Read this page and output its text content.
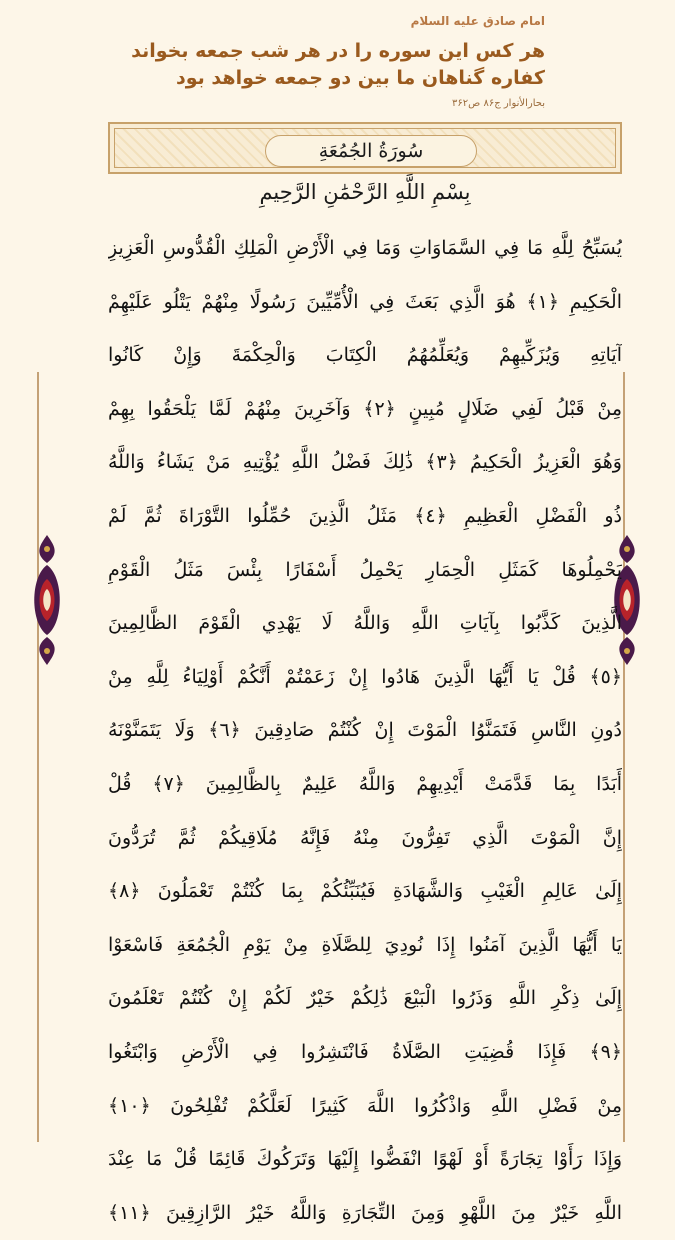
امام صادق علیه السلام

هر کس این سوره را در هر شب جمعه بخواند
کفاره گناهان ما بین دو جمعه خواهد بود

بحارالأنوار ج۸۶ ص۳۶۲

سُورَةُ الجُمُعَةِ

بِسْمِ اللَّهِ الرَّحْمَٰنِ الرَّحِيمِ

يُسَبِّحُ لِلَّهِ مَا فِي السَّمَاوَاتِ وَمَا فِي الْأَرْضِ الْمَلِكِ الْقُدُّوسِ الْعَزِيزِ
الْحَكِيمِ ﴿١﴾ هُوَ الَّذِي بَعَثَ فِي الْأُمِّيِّينَ رَسُولًا مِنْهُمْ يَتْلُو عَلَيْهِمْ
آيَاتِهِ وَيُزَكِّيهِمْ وَيُعَلِّمُهُمُ الْكِتَابَ وَالْحِكْمَةَ وَإِنْ كَانُوا
مِنْ قَبْلُ لَفِي ضَلَالٍ مُبِينٍ ﴿٢﴾ وَآخَرِينَ مِنْهُمْ لَمَّا يَلْحَقُوا بِهِمْ
وَهُوَ الْعَزِيزُ الْحَكِيمُ ﴿٣﴾ ذَٰلِكَ فَضْلُ اللَّهِ يُؤْتِيهِ مَنْ يَشَاءُ وَاللَّهُ
ذُو الْفَضْلِ الْعَظِيمِ ﴿٤﴾ مَثَلُ الَّذِينَ حُمِّلُوا التَّوْرَاةَ ثُمَّ لَمْ
يَحْمِلُوهَا كَمَثَلِ الْحِمَارِ يَحْمِلُ أَسْفَارًا بِئْسَ مَثَلُ الْقَوْمِ
الَّذِينَ كَذَّبُوا بِآيَاتِ اللَّهِ وَاللَّهُ لَا يَهْدِي الْقَوْمَ الظَّالِمِينَ
﴿٥﴾ قُلْ يَا أَيُّهَا الَّذِينَ هَادُوا إِنْ زَعَمْتُمْ أَنَّكُمْ أَوْلِيَاءُ لِلَّهِ مِنْ
دُونِ النَّاسِ فَتَمَنَّوُا الْمَوْتَ إِنْ كُنْتُمْ صَادِقِينَ ﴿٦﴾ وَلَا يَتَمَنَّوْنَهُ
أَبَدًا بِمَا قَدَّمَتْ أَيْدِيهِمْ وَاللَّهُ عَلِيمٌ بِالظَّالِمِينَ ﴿٧﴾ قُلْ
إِنَّ الْمَوْتَ الَّذِي تَفِرُّونَ مِنْهُ فَإِنَّهُ مُلَاقِيكُمْ ثُمَّ تُرَدُّونَ
إِلَىٰ عَالِمِ الْغَيْبِ وَالشَّهَادَةِ فَيُنَبِّئُكُمْ بِمَا كُنْتُمْ تَعْمَلُونَ ﴿٨﴾
يَا أَيُّهَا الَّذِينَ آمَنُوا إِذَا نُودِيَ لِلصَّلَاةِ مِنْ يَوْمِ الْجُمُعَةِ فَاسْعَوْا
إِلَىٰ ذِكْرِ اللَّهِ وَذَرُوا الْبَيْعَ ذَٰلِكُمْ خَيْرٌ لَكُمْ إِنْ كُنْتُمْ تَعْلَمُونَ
﴿٩﴾ فَإِذَا قُضِيَتِ الصَّلَاةُ فَانْتَشِرُوا فِي الْأَرْضِ وَابْتَغُوا
مِنْ فَضْلِ اللَّهِ وَاذْكُرُوا اللَّهَ كَثِيرًا لَعَلَّكُمْ تُفْلِحُونَ ﴿١٠﴾
وَإِذَا رَأَوْا تِجَارَةً أَوْ لَهْوًا انْفَضُّوا إِلَيْهَا وَتَرَكُوكَ قَائِمًا قُلْ مَا عِنْدَ
اللَّهِ خَيْرٌ مِنَ اللَّهْوِ وَمِنَ التِّجَارَةِ وَاللَّهُ خَيْرُ الرَّازِقِينَ ﴿١١﴾
